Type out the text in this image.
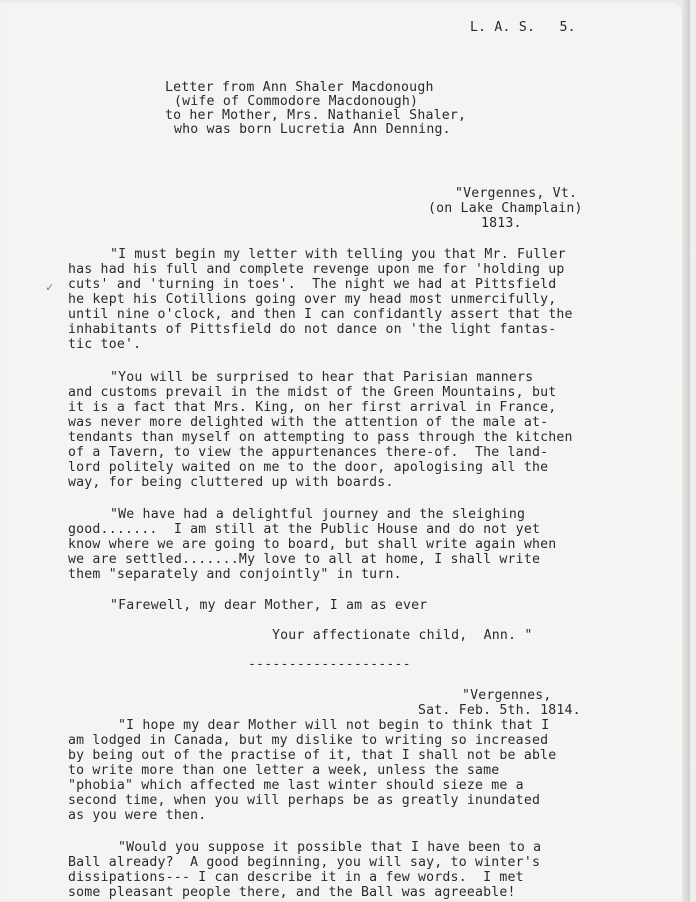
L. A. S.   5.
Letter from Ann Shaler Macdonough
(wife of Commodore Macdonough)
to her Mother, Mrs. Nathaniel Shaler,
who was born Lucretia Ann Denning.
"Vergennes, Vt.
(on Lake Champlain)
1813.
✓
"I must begin my letter with telling you that Mr. Fuller
has had his full and complete revenge upon me for 'holding up
cuts' and 'turning in toes'.  The night we had at Pittsfield
he kept his Cotillions going over my head most unmercifully,
until nine o'clock, and then I can confidantly assert that the
inhabitants of Pittsfield do not dance on 'the light fantas-
tic toe'.
"You will be surprised to hear that Parisian manners
and customs prevail in the midst of the Green Mountains, but
it is a fact that Mrs. King, on her first arrival in France,
was never more delighted with the attention of the male at-
tendants than myself on attempting to pass through the kitchen
of a Tavern, to view the appurtenances there-of.  The land-
lord politely waited on me to the door, apologising all the
way, for being cluttered up with boards.
"We have had a delightful journey and the sleighing
good.......  I am still at the Public House and do not yet
know where we are going to board, but shall write again when
we are settled.......My love to all at home, I shall write
them "separately and conjointly" in turn.
"Farewell, my dear Mother, I am as ever
Your affectionate child,  Ann. "
--------------------
"Vergennes,
Sat. Feb. 5th. 1814.
"I hope my dear Mother will not begin to think that I
am lodged in Canada, but my dislike to writing so increased
by being out of the practise of it, that I shall not be able
to write more than one letter a week, unless the same
"phobia" which affected me last winter should sieze me a
second time, when you will perhaps be as greatly inundated
as you were then.
"Would you suppose it possible that I have been to a
Ball already?  A good beginning, you will say, to winter's
dissipations--- I can describe it in a few words.  I met
some pleasant people there, and the Ball was agreeable!
